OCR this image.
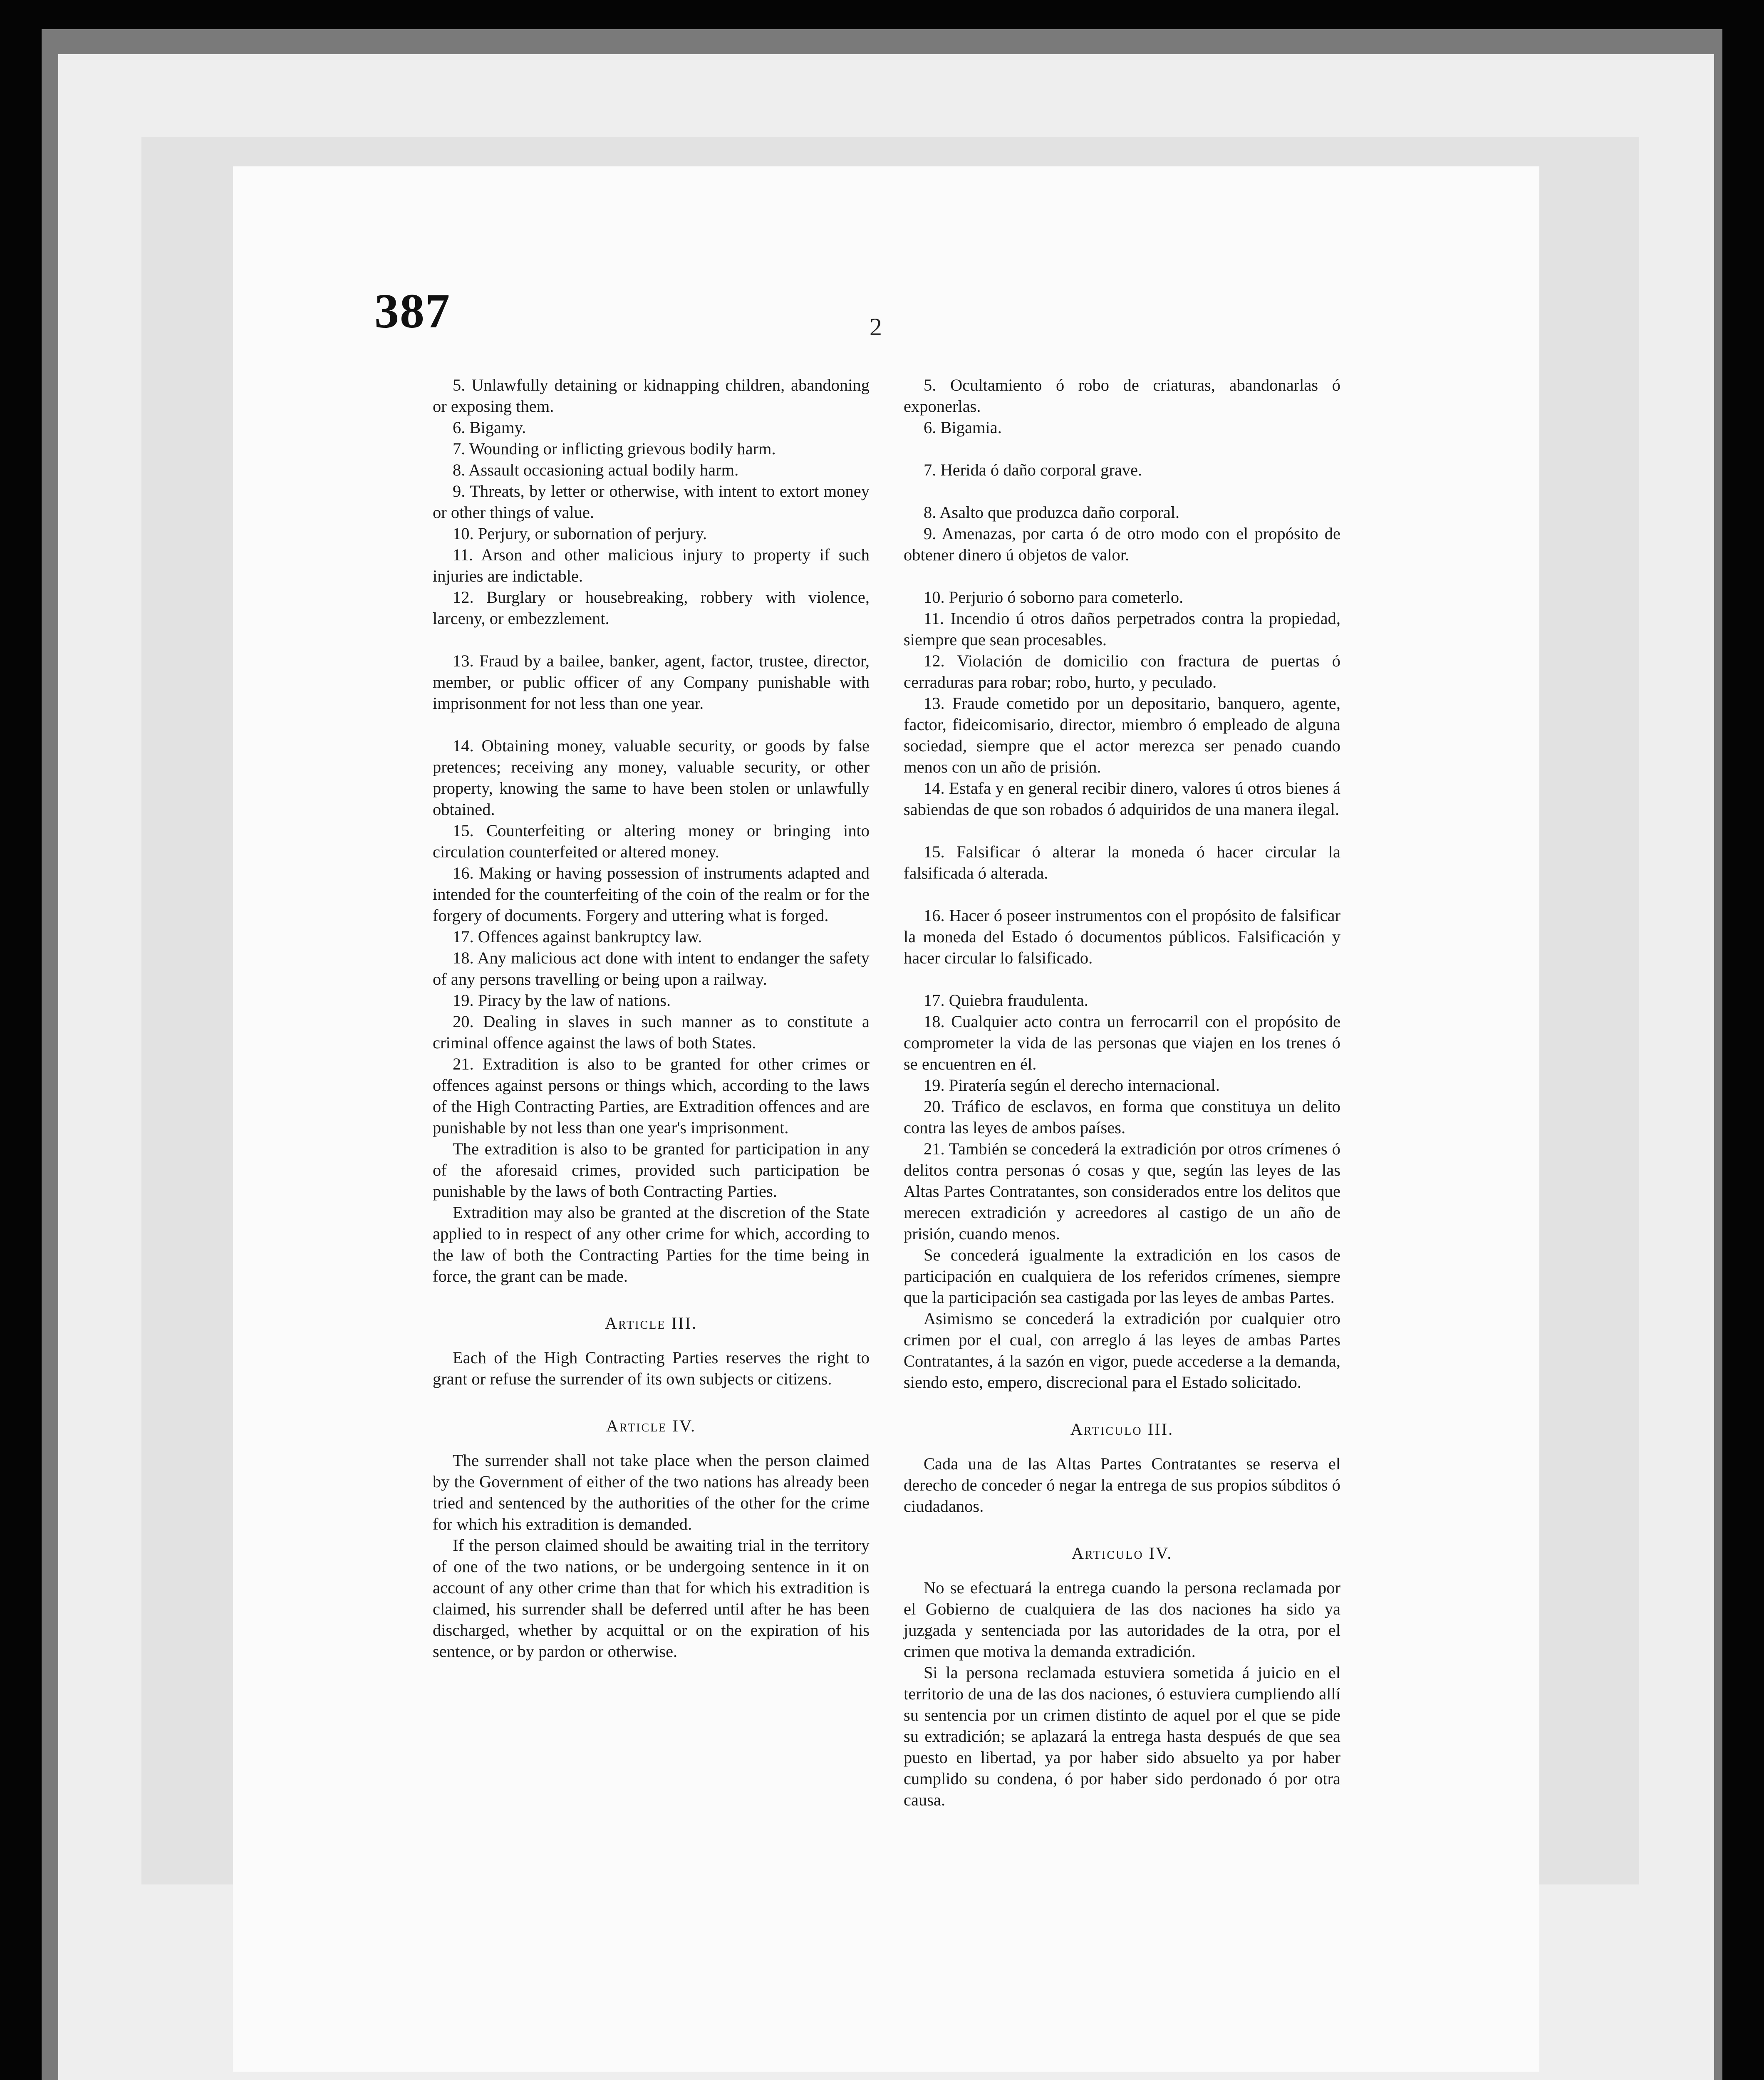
387	2

5. Unlawfully detaining or kidnapping children, abandoning or exposing them.

6. Bigamy.

7. Wounding or inflicting grievous bodily harm.

8. Assault occasioning actual bodily harm.

9. Threats, by letter or otherwise, with intent to extort money or other things of value.

10. Perjury, or subornation of perjury.

11. Arson and other malicious injury to property if such injuries are indictable.

12. Burglary or housebreaking, robbery with violence, larceny, or embezzlement.

13. Fraud by a bailee, banker, agent, factor, trustee, director, member, or public officer of any Company punishable with imprisonment for not less than one year.

14. Obtaining money, valuable security, or goods by false pretences; receiving any money, valuable security, or other property, knowing the same to have been stolen or unlawfully obtained.

15. Counterfeiting or altering money or bringing into circulation counterfeited or altered money.

16. Making or having possession of instruments adapted and intended for the counterfeiting of the coin of the realm or for the forgery of documents. Forgery and uttering what is forged.

17. Offences against bankruptcy law.

18. Any malicious act done with intent to endanger the safety of any persons travelling or being upon a railway.

19. Piracy by the law of nations.

20. Dealing in slaves in such manner as to constitute a criminal offence against the laws of both States.

21. Extradition is also to be granted for other crimes or offences against persons or things which, according to the laws of the High Contracting Parties, are Extradition offences and are punishable by not less than one year's imprisonment.

The extradition is also to be granted for participation in any of the aforesaid crimes, provided such participation be punishable by the laws of both Contracting Parties.

Extradition may also be granted at the discretion of the State applied to in respect of any other crime for which, according to the law of both the Contracting Parties for the time being in force, the grant can be made.

Article III.

Each of the High Contracting Parties reserves the right to grant or refuse the surrender of its own subjects or citizens.

Article IV.

The surrender shall not take place when the person claimed by the Government of either of the two nations has already been tried and sentenced by the authorities of the other for the crime for which his extradition is demanded.

If the person claimed should be awaiting trial in the territory of one of the two nations, or be undergoing sentence in it on account of any other crime than that for which his extradition is claimed, his surrender shall be deferred until after he has been discharged, whether by acquittal or on the expiration of his sentence, or by pardon or otherwise.

5. Ocultamiento ó robo de criaturas, abandonarlas ó exponerlas.

6. Bigamia.

7. Herida ó daño corporal grave.

8. Asalto que produzca daño corporal.

9. Amenazas, por carta ó de otro modo con el propósito de obtener dinero ú objetos de valor.

10. Perjurio ó soborno para cometerlo.

11. Incendio ú otros daños perpetrados contra la propiedad, siempre que sean procesables.

12. Violación de domicilio con fractura de puertas ó cerraduras para robar; robo, hurto, y peculado.

13. Fraude cometido por un depositario, banquero, agente, factor, fideicomisario, director, miembro ó empleado de alguna sociedad, siempre que el actor merezca ser penado cuando menos con un año de prisión.

14. Estafa y en general recibir dinero, valores ú otros bienes á sabiendas de que son robados ó adquiridos de una manera ilegal.

15. Falsificar ó alterar la moneda ó hacer circular la falsificada ó alterada.

16. Hacer ó poseer instrumentos con el propósito de falsificar la moneda del Estado ó documentos públicos. Falsificación y hacer circular lo falsificado.

17. Quiebra fraudulenta.

18. Cualquier acto contra un ferrocarril con el propósito de comprometer la vida de las personas que viajen en los trenes ó se encuentren en él.

19. Piratería según el derecho internacional.

20. Tráfico de esclavos, en forma que constituya un delito contra las leyes de ambos países.

21. También se concederá la extradición por otros crímenes ó delitos contra personas ó cosas y que, según las leyes de las Altas Partes Contratantes, son considerados entre los delitos que merecen extradición y acreedores al castigo de un año de prisión, cuando menos.

Se concederá igualmente la extradición en los casos de participación en cualquiera de los referidos crímenes, siempre que la participación sea castigada por las leyes de ambas Partes.

Asimismo se concederá la extradición por cualquier otro crimen por el cual, con arreglo á las leyes de ambas Partes Contratantes, á la sazón en vigor, puede accederse a la demanda, siendo esto, empero, discrecional para el Estado solicitado.

Articulo III.

Cada una de las Altas Partes Contratantes se reserva el derecho de conceder ó negar la entrega de sus propios súbditos ó ciudadanos.

Articulo IV.

No se efectuará la entrega cuando la persona reclamada por el Gobierno de cualquiera de las dos naciones ha sido ya juzgada y sentenciada por las autoridades de la otra, por el crimen que motiva la demanda extradición.

Si la persona reclamada estuviera sometida á juicio en el territorio de una de las dos naciones, ó estuviera cumpliendo allí su sentencia por un crimen distinto de aquel por el que se pide su extradición; se aplazará la entrega hasta después de que sea puesto en libertad, ya por haber sido absuelto ya por haber cumplido su condena, ó por haber sido perdonado ó por otra causa.
